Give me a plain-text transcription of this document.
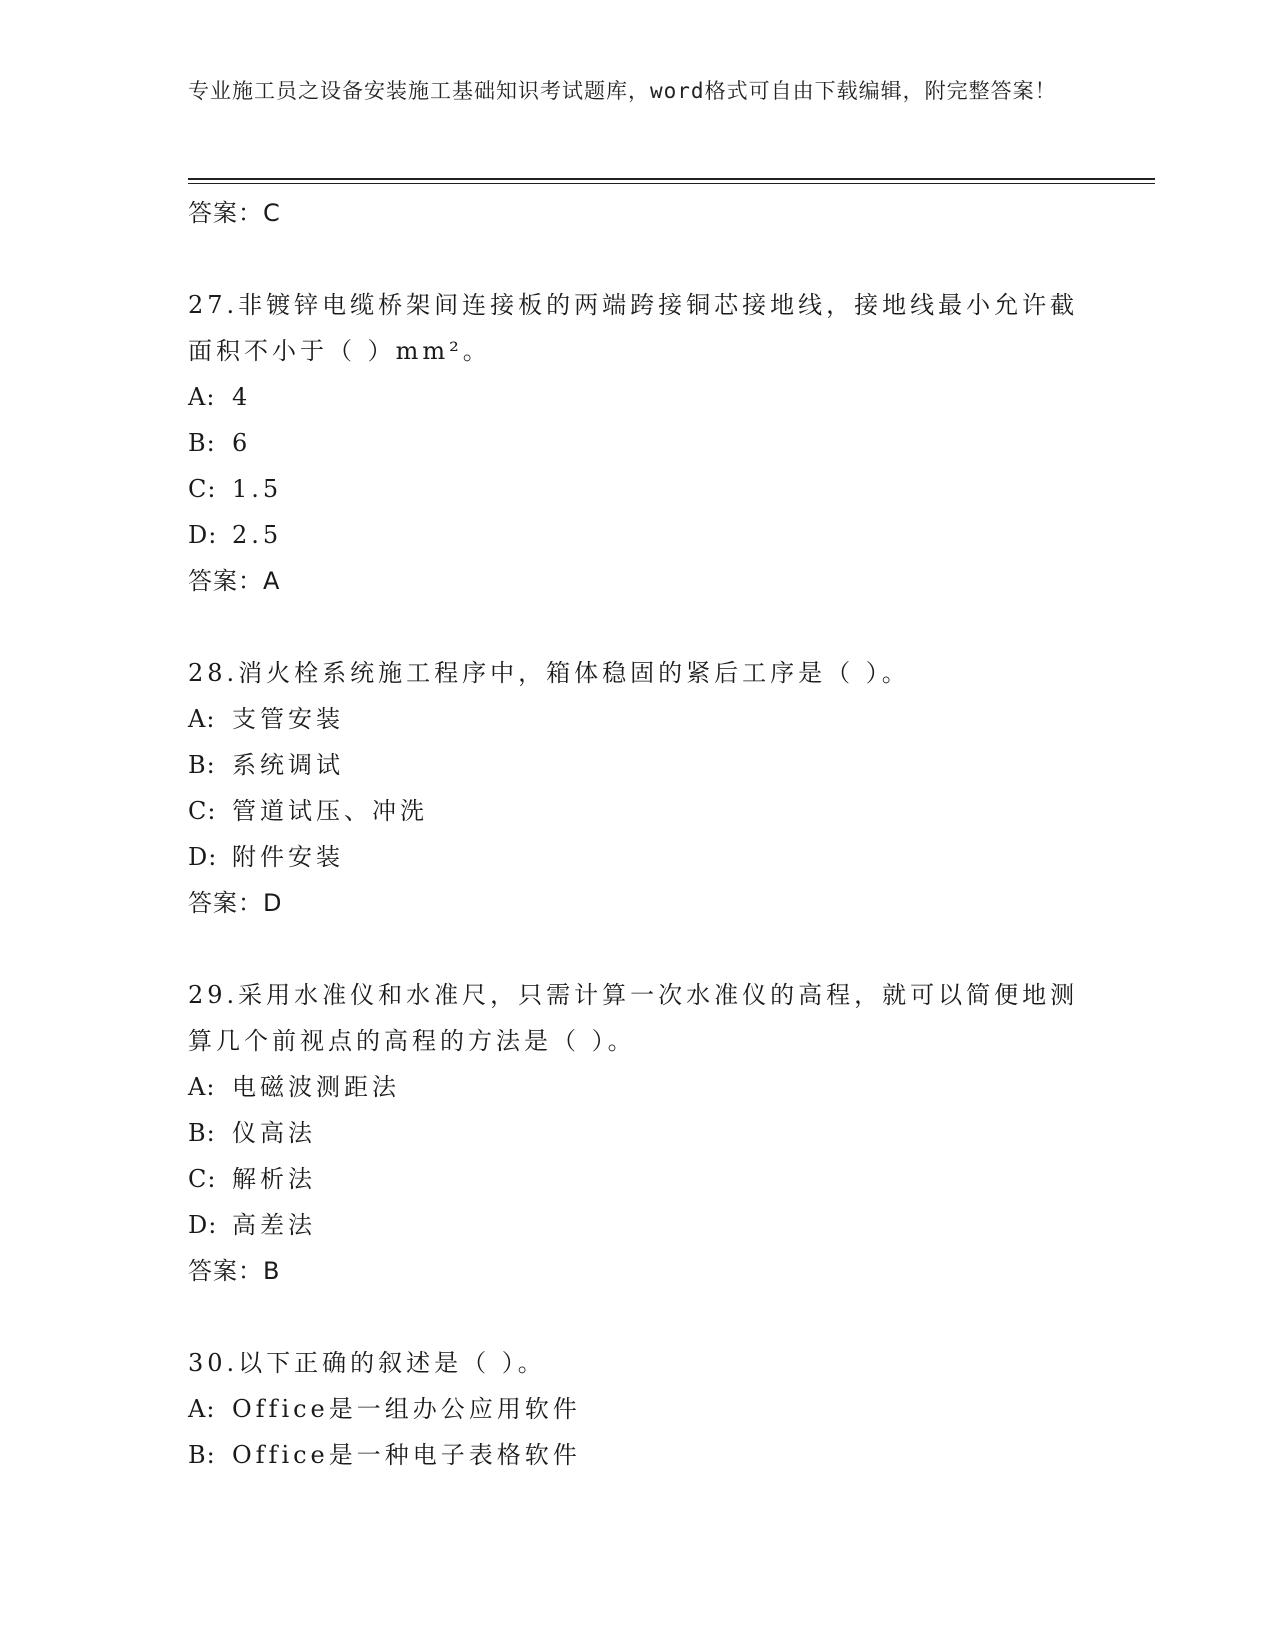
专业施工员之设备安装施工基础知识考试题库，word格式可自由下载编辑，附完整答案！
答案：C

27.非镀锌电缆桥架间连接板的两端跨接铜芯接地线，接地线最小允许截面积不小于（ ）mm²。

A: 4
B: 6
C: 1.5
D: 2.5
答案：A

28.消火栓系统施工程序中，箱体稳固的紧后工序是（ ）。

A: 支管安装
B: 系统调试
C: 管道试压、冲洗
D: 附件安装
答案：D

29.采用水准仪和水准尺，只需计算一次水准仪的高程，就可以简便地测算几个前视点的高程的方法是（ ）。

A: 电磁波测距法
B: 仪高法
C: 解析法
D: 高差法
答案：B

30.以下正确的叙述是（ ）。

A: Office是一组办公应用软件
B: Office是一种电子表格软件
